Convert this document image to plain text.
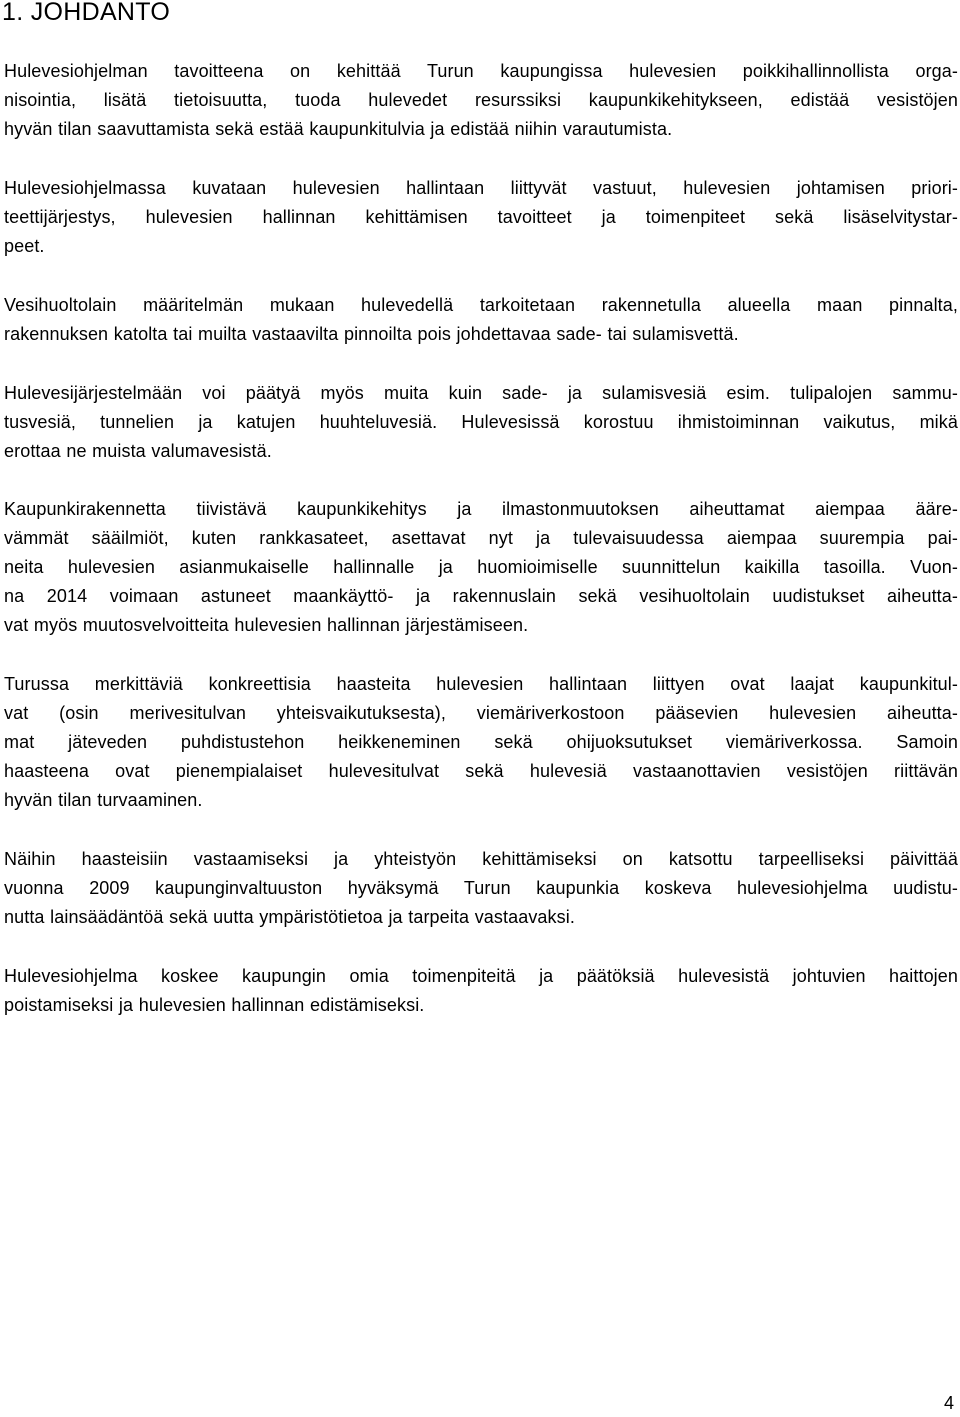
1. JOHDANTO
Hulevesiohjelman tavoitteena on kehittää Turun kaupungissa hulevesien poikkihallinnollista orga-
nisointia, lisätä tietoisuutta, tuoda hulevedet resurssiksi kaupunkikehitykseen, edistää vesistöjen
hyvän tilan saavuttamista sekä estää kaupunkitulvia ja edistää niihin varautumista.
Hulevesiohjelmassa kuvataan hulevesien hallintaan liittyvät vastuut, hulevesien johtamisen priori-
teettijärjestys, hulevesien hallinnan kehittämisen tavoitteet ja toimenpiteet sekä lisäselvitystar-
peet.
Vesihuoltolain määritelmän mukaan hulevedellä tarkoitetaan rakennetulla alueella maan pinnalta,
rakennuksen katolta tai muilta vastaavilta pinnoilta pois johdettavaa sade- tai sulamisvettä.
Hulevesijärjestelmään voi päätyä myös muita kuin sade- ja sulamisvesiä esim. tulipalojen sammu-
tusvesiä, tunnelien ja katujen huuhteluvesiä. Hulevesissä korostuu ihmistoiminnan vaikutus, mikä
erottaa ne muista valumavesistä.
Kaupunkirakennetta tiivistävä kaupunkikehitys ja ilmastonmuutoksen aiheuttamat aiempaa ääre-
vämmät sääilmiöt, kuten rankkasateet, asettavat nyt ja tulevaisuudessa aiempaa suurempia pai-
neita hulevesien asianmukaiselle hallinnalle ja huomioimiselle suunnittelun kaikilla tasoilla. Vuon-
na 2014 voimaan astuneet maankäyttö- ja rakennuslain sekä vesihuoltolain uudistukset aiheutta-
vat myös muutosvelvoitteita hulevesien hallinnan järjestämiseen.
Turussa merkittäviä konkreettisia haasteita hulevesien hallintaan liittyen ovat laajat kaupunkitul-
vat (osin merivesitulvan yhteisvaikutuksesta), viemäriverkostoon pääsevien hulevesien aiheutta-
mat jäteveden puhdistustehon heikkeneminen sekä ohijuoksutukset viemäriverkossa. Samoin
haasteena ovat pienempialaiset hulevesitulvat sekä hulevesiä vastaanottavien vesistöjen riittävän
hyvän tilan turvaaminen.
Näihin haasteisiin vastaamiseksi ja yhteistyön kehittämiseksi on katsottu tarpeelliseksi päivittää
vuonna 2009 kaupunginvaltuuston hyväksymä Turun kaupunkia koskeva hulevesiohjelma uudistu-
nutta lainsäädäntöä sekä uutta ympäristötietoa ja tarpeita vastaavaksi.
Hulevesiohjelma koskee kaupungin omia toimenpiteitä ja päätöksiä hulevesistä johtuvien haittojen
poistamiseksi ja hulevesien hallinnan edistämiseksi.
4
